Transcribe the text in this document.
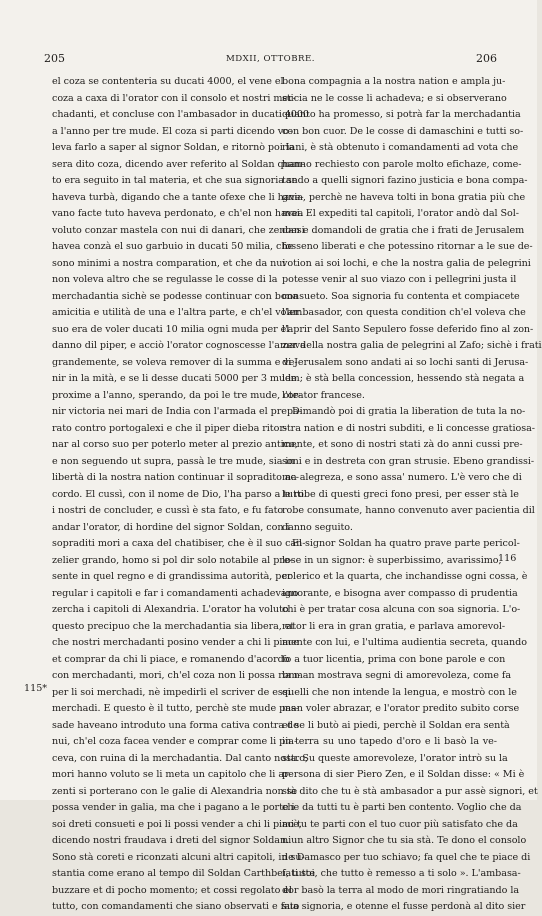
205	MDXII, OTTOBRE.	206
el coza se contenteria su ducati 4000, el vene el
coza a caxa di l'orator con il consolo et nostri mer-
chadanti, et concluse con l'ambasador in ducati 4000
a l'anno per tre mude. El coza si parti dicendo vo-
leva farlo a saper al signor Soldan, e ritornò poi la
sera dito coza, dicendo aver referito al Soldan quan-
to era seguito in tal materia, et che sua signoria se
haveva turbà, digando che a tante ofexe che li have-
vano facte tuto haveva perdonato, e ch'el non havea
voluto conzar mastela con nui di danari, che zenoesi
havea conzà el suo garbuio in ducati 50 milia, che
sono minimi a nostra comparation, et che da nui
non voleva altro che se regulasse le cosse di la
merchadantia sichè se podesse continuar con bona
amicitia e utilità de una e l'altra parte, e ch'el voler
suo era de voler ducati 10 milia ogni muda per el
danno dil piper, e acciò l'orator cognoscesse l'amava
grandemente, se voleva remover di la summa e ve-
nir in la mità, e se li desse ducati 5000 per 3 mude
proxime a l'anno, sperando, da poi le tre mude, ote-
nir victoria nei mari de India con l'armada el prepa-
rato contro portogalexi e che il piper dieba ritor-
nar al corso suo per poterlo meter al prezio antico,
e non seguendo ut supra, passà le tre mude, sia in
libertà di la nostra nation continuar il sopradito ac-
cordo. El cussì, con il nome de Dio, l'ha parso a tutti
i nostri de concluder, e cussì è sta fato, e fu fato
andar l'orator, di hordine del signor Soldan, con i
sopraditi mori a caxa del chatibiser, che è il suo can-
zelier grando, homo si pol dir solo notabile al pre-
sente in quel regno e di grandissima autorità, per
regular i capitoli e far i comandamenti achadevano
zercha i capitoli di Alexandria. L'orator ha voluto
questo precipuo che la merchadantia sia libera, et
che nostri merchadanti posino vender a chi li piace
et comprar da chi li piace, e romanendo d'acordo
con merchadanti, mori, ch'el coza non li possa rom-
per li soi merchadi, nè impedirli el scriver de essi
merchadi. E questo è il tutto, perchè ste mude pas-
sade haveano introduto una forma cativa contra de
nui, ch'el coza facea vender e comprar come li pia-
ceva, con ruina di la merchadantia. Dal canto nostro,
mori hanno voluto se li meta un capitolo che li ar-
zenti si porterano con le galie di Alexandria non se
possa vender in galia, ma che i pagano a le porte i
soi dreti consueti e poi li possi vender a chi li piacè,
dicendo nostri fraudava i dreti del signor Soldan.
Sono stà coreti e riconzati alcuni altri capitoli, in su-
stantia come erano al tempo dil Soldan Carthbei, tutte
buzzare et di pocho momento; et cossi regolato el
tutto, con comandamenti che siano observati e fato
bona compagnia a la nostra nation e ampla ju-
sticia ne le cosse li achadeva; e si observerano
quanto ha promesso, si potrà far la merchadantia
con bon cuor. De le cosse di damaschini e tutti so-
riani, è stà obtenuto i comandamenti ad vota che
hanno rechiesto con parole molto efichaze, come-
tando a quelli signori fazino justicia e bona compa-
gnia, perchè ne haveva tolti in bona gratia più che
mai. El expediti tal capitoli, l'orator andò dal Sol-
dan e domandoli de gratia che i frati de Jerusalem
fosseno liberati e che potessino ritornar a le sue de-
votion ai soi lochi, e che la nostra galia de pelegrini
potesse venir al suo viazo con i pellegrini justa il
consueto. Soa signoria fu contenta et compiacete
l'ambasador, con questa condition ch'el voleva che
l'aprir del Santo Sepulero fosse deferido fino al zon-
zer della nostra galia de pelegrini al Zafo; sichè i frati
di Jerusalem sono andati ai so lochi santi di Jerusa-
lem; è stà bella concession, hessendo stà negata a
l'orator francese.
Dimandò poi di gratia la liberation de tuta la no-
stra nation e di nostri subditi, e li concesse gratiosa-
mente, et sono di nostri stati zà do anni cussi pre-
soni e in destreta con gran strusie. Ebeno grandissi-
ma alegreza, e sono assa' numero. L'è vero che di
le robe di questi greci fono presi, per esser stà le
robe consumate, hanno convenuto aver pacientia dil
danno seguito.
El signor Soldan ha quatro prave parte pericol-
lose in un signor: è superbissimo, avarissimo,
colerico et la quarta, che inchandisse ogni cossa, è
ignorante, e bisogna aver compasso di prudentia
chi è per tratar cosa alcuna con soa signoria. L'o-
rator li era in gran gratia, e parlava amorevol-
mente con lui, e l'ultima audientia secreta, quando
fo a tuor licentia, prima con bone parole e con
la man mostrava segni di amorevoleza, come fa
quelli che non intende la lengua, e mostrò con le
man voler abrazar, e l'orator predito subito corse
et se li butò ai piedi, perchè il Soldan era sentà
in terra su uno tapedo d'oro e li basò la ve-
sta. Su queste amorevoleze, l'orator intrò su la
persona di sier Piero Zen, e il Soldan disse: « Mi è
stà dito che tu è stà ambasador a pur assè signori, et
che da tutti tu è parti ben contento. Voglio che da
mi tu te parti con el tuo cuor più satisfato che da
niun altro Signor che tu sia stà. Te dono el consolo
de Damasco per tuo schiavo; fa quel che te piace di
fati soi, che tutto è remesso a ti solo ». L'ambasa-
dor basò la terra al modo de mori ringratiando la
sua signoria, e otenne el fusse perdonà al dito sier
115*
116
